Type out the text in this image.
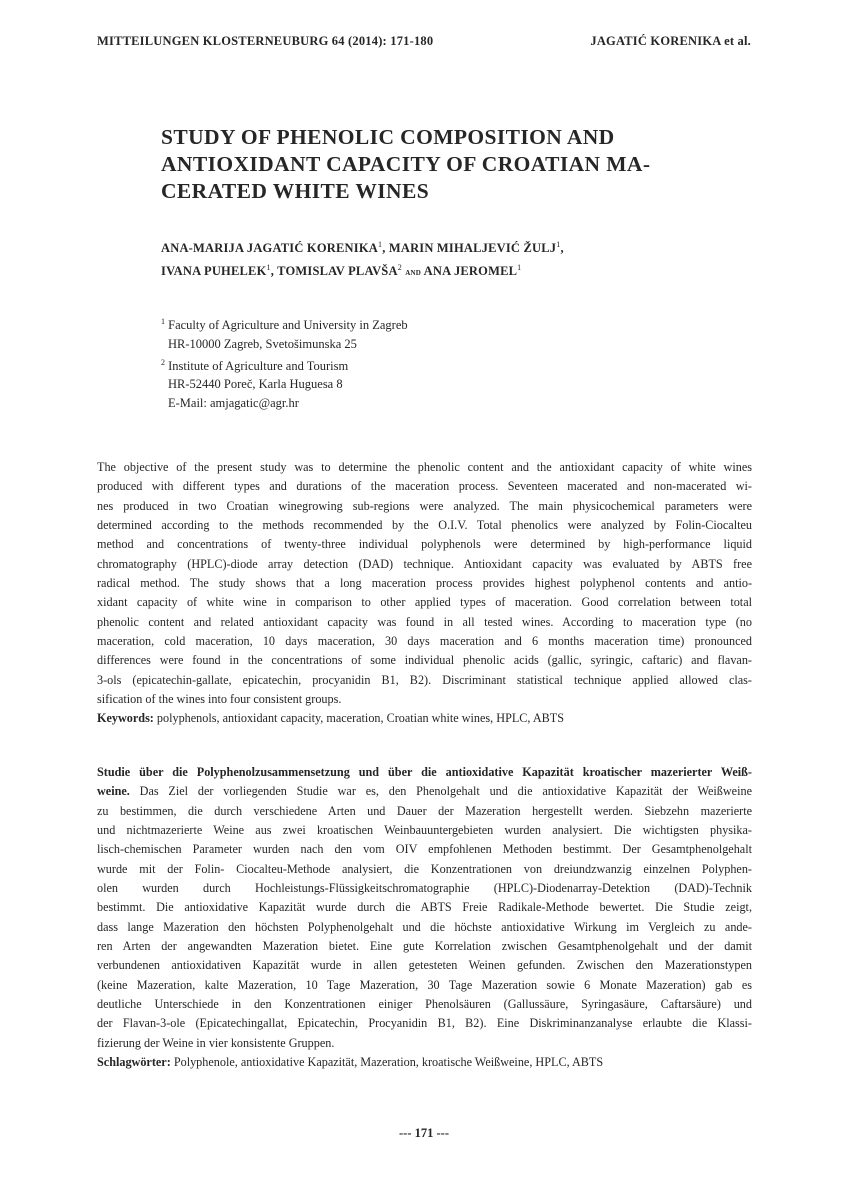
MITTEILUNGEN KLOSTERNEUBURG 64 (2014): 171-180	JAGATIĆ KORENIKA et al.
STUDY OF PHENOLIC COMPOSITION AND
ANTIOXIDANT CAPACITY OF CROATIAN MA-
CERATED WHITE WINES
ANA-MARIJA JAGATIĆ KORENIKA$^1$, MARIN MIHALJEVIĆ ŽULJ$^1$,
IVANA PUHELEK$^1$, TOMISLAV PLAVŠA$^2$ and ANA JEROMEL$^1$
$^1$ Faculty of Agriculture and University in Zagreb
HR-10000 Zagreb, Svetošimunska 25
$^2$ Institute of Agriculture and Tourism
HR-52440 Poreč, Karla Huguesa 8
E-Mail: amjagatic@agr.hr
The objective of the present study was to determine the phenolic content and the antioxidant capacity of white wines
produced with different types and durations of the maceration process. Seventeen macerated and non-macerated wi-
nes produced in two Croatian winegrowing sub-regions were analyzed. The main physicochemical parameters were
determined according to the methods recommended by the O.I.V. Total phenolics were analyzed by Folin-Ciocalteu
method and concentrations of twenty-three individual polyphenols were determined by high-performance liquid
chromatography (HPLC)-diode array detection (DAD) technique. Antioxidant capacity was evaluated by ABTS free
radical method. The study shows that a long maceration process provides highest polyphenol contents and antio-
xidant capacity of white wine in comparison to other applied types of maceration. Good correlation between total
phenolic content and related antioxidant capacity was found in all tested wines. According to maceration type (no
maceration, cold maceration, 10 days maceration, 30 days maceration and 6 months maceration time) pronounced
differences were found in the concentrations of some individual phenolic acids (gallic, syringic, caftaric) and flavan-
3-ols (epicatechin-gallate, epicatechin, procyanidin B1, B2). Discriminant statistical technique applied allowed clas-
sification of the wines into four consistent groups.
Keywords: polyphenols, antioxidant capacity, maceration, Croatian white wines, HPLC, ABTS
Studie über die Polyphenolzusammensetzung und über die antioxidative Kapazität kroatischer mazerierter Weiß-
weine. Das Ziel der vorliegenden Studie war es, den Phenolgehalt und die antioxidative Kapazität der Weißweine
zu bestimmen, die durch verschiedene Arten und Dauer der Mazeration hergestellt werden. Siebzehn mazerierte
und nichtmazerierte Weine aus zwei kroatischen Weinbauuntergebieten wurden analysiert. Die wichtigsten physika-
lisch-chemischen Parameter wurden nach den vom OIV empfohlenen Methoden bestimmt. Der Gesamtphenolgehalt
wurde mit der Folin- Ciocalteu-Methode analysiert, die Konzentrationen von dreiundzwanzig einzelnen Polyphen-
olen wurden durch Hochleistungs-Flüssigkeitschromatographie (HPLC)-Diodenarray-Detektion (DAD)-Technik
bestimmt. Die antioxidative Kapazität wurde durch die ABTS Freie Radikale-Methode bewertet. Die Studie zeigt,
dass lange Mazeration den höchsten Polyphenolgehalt und die höchste antioxidative Wirkung im Vergleich zu ande-
ren Arten der angewandten Mazeration bietet. Eine gute Korrelation zwischen Gesamtphenolgehalt und der damit
verbundenen antioxidativen Kapazität wurde in allen getesteten Weinen gefunden. Zwischen den Mazerationstypen
(keine Mazeration, kalte Mazeration, 10 Tage Mazeration, 30 Tage Mazeration sowie 6 Monate Mazeration) gab es
deutliche Unterschiede in den Konzentrationen einiger Phenolsäuren (Gallussäure, Syringasäure, Caftarsäure) und
der Flavan-3-ole (Epicatechingallat, Epicatechin, Procyanidin B1, B2). Eine Diskriminanzanalyse erlaubte die Klassi-
fizierung der Weine in vier konsistente Gruppen.
Schlagwörter: Polyphenole, antioxidative Kapazität, Mazeration, kroatische Weißweine, HPLC, ABTS
--- 171 ---
